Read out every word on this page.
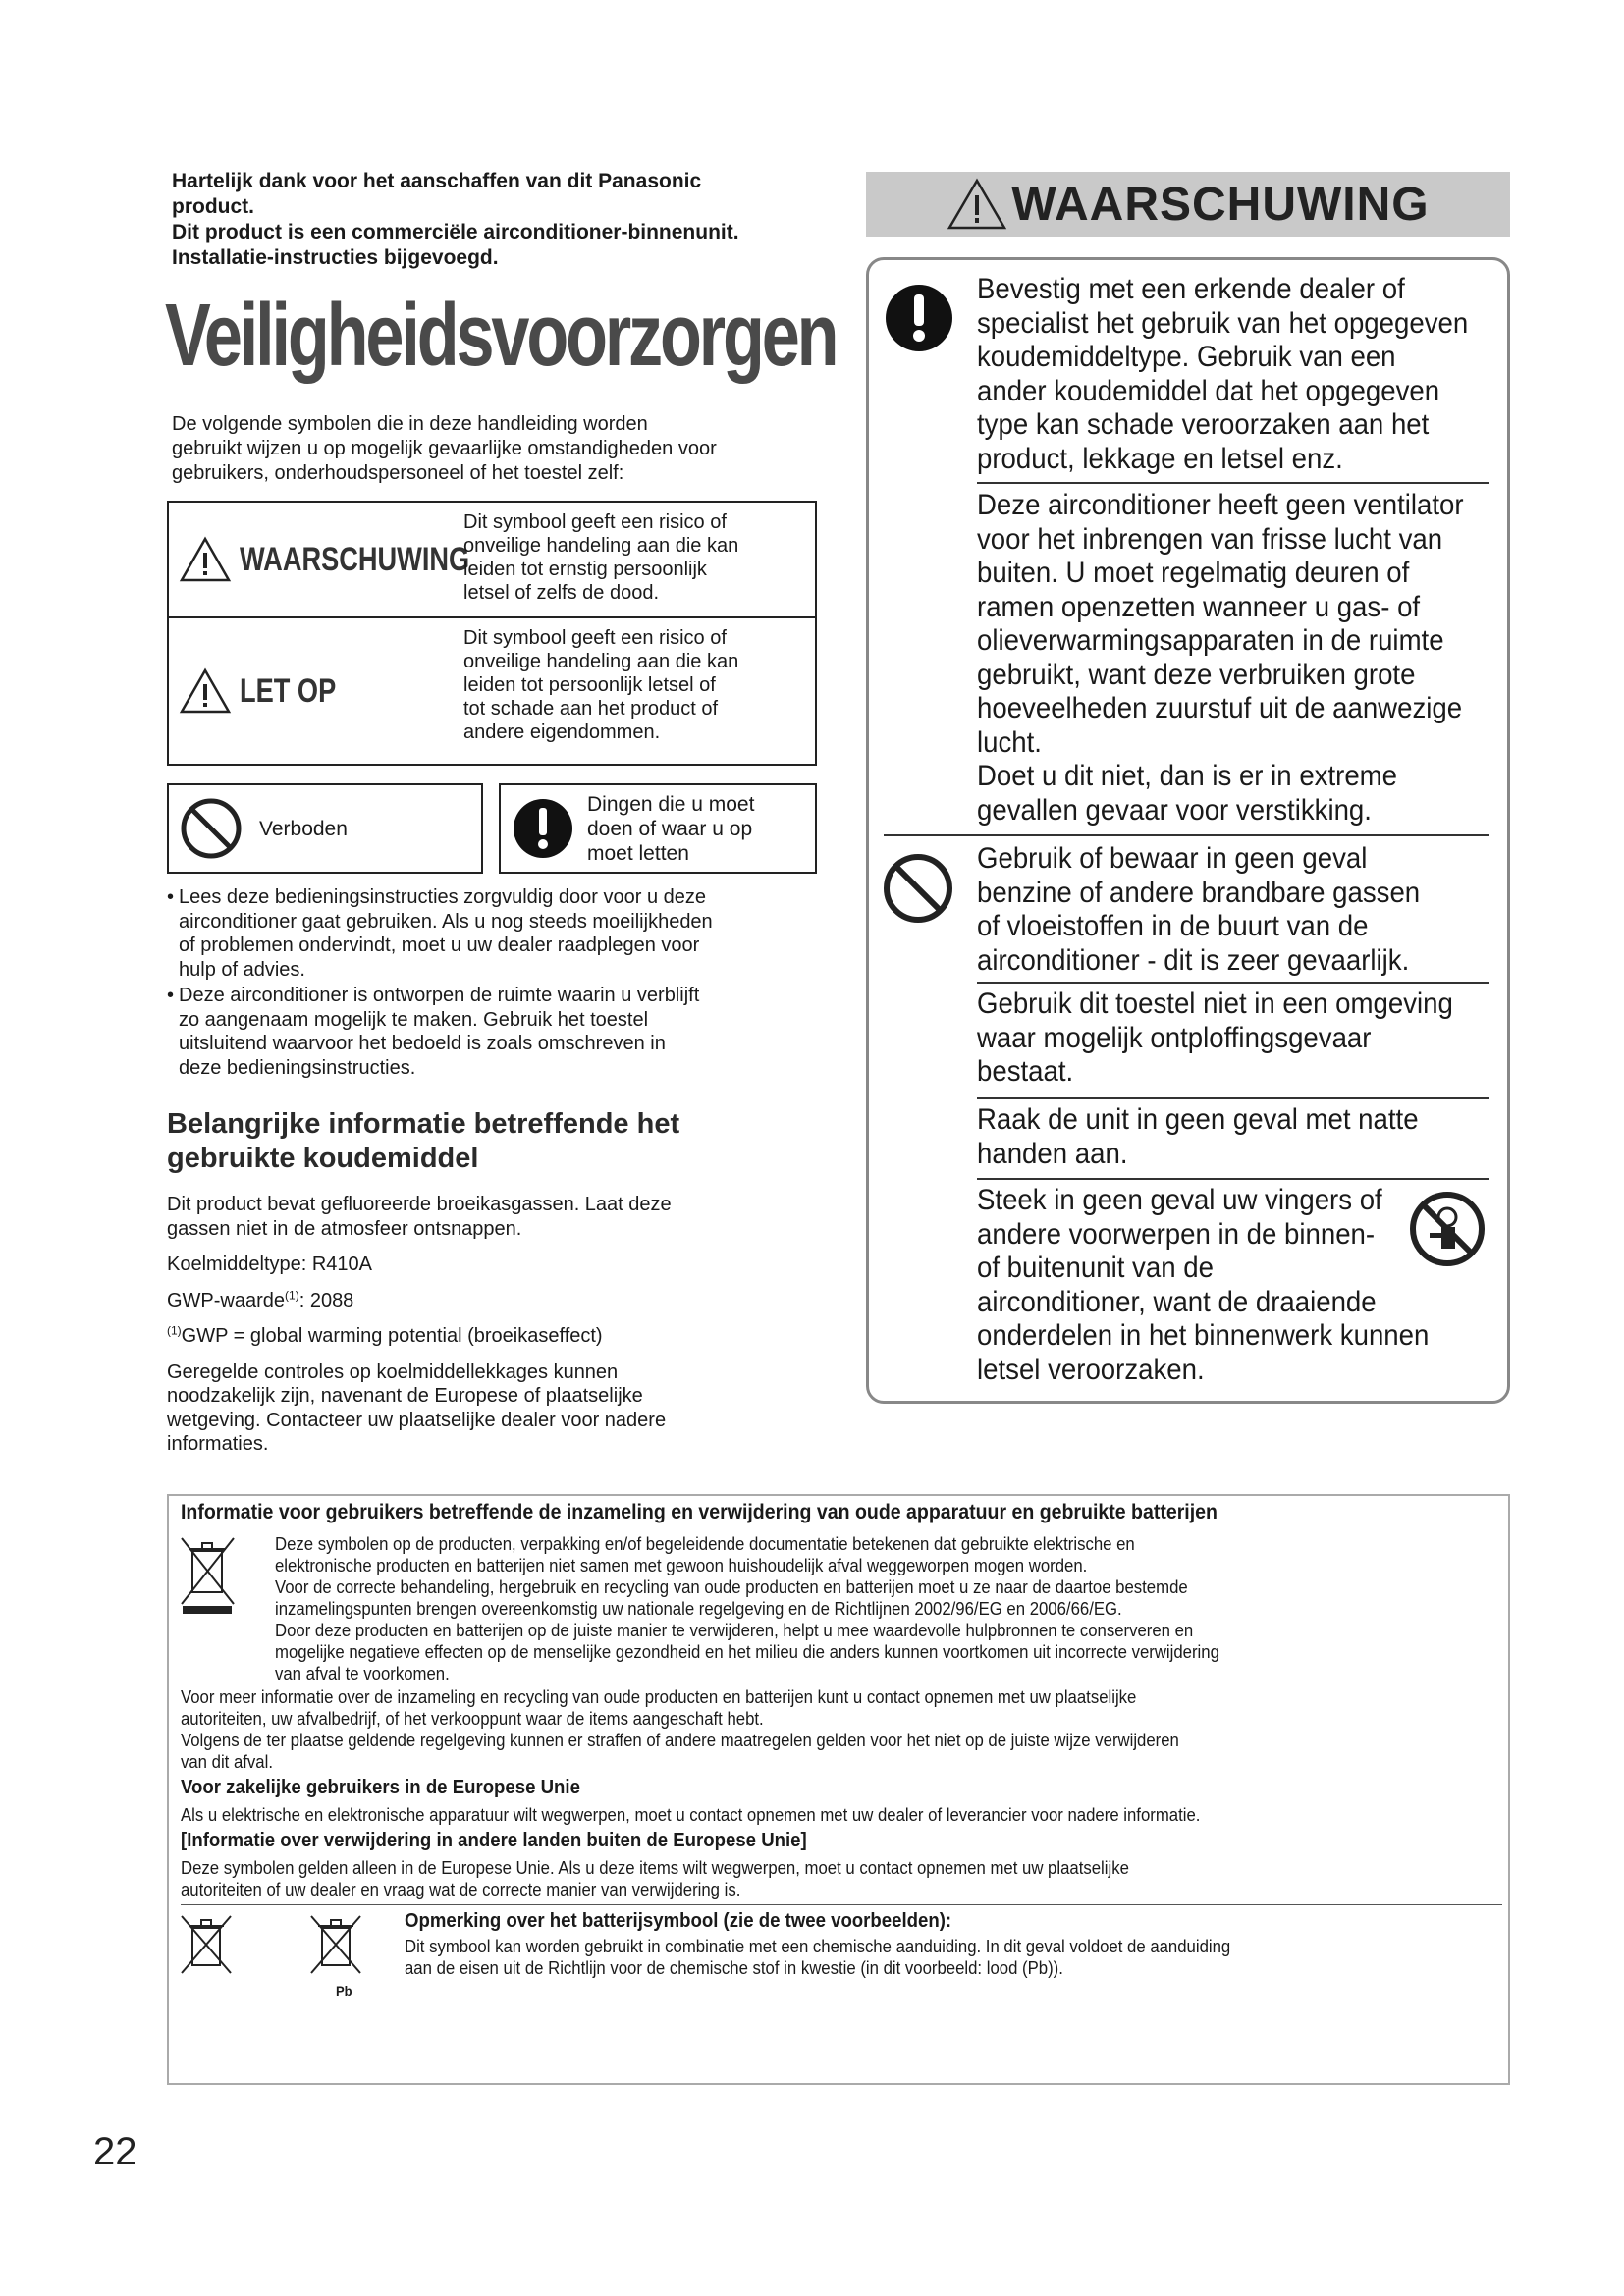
Hartelijk dank voor het aanschaffen van dit Panasonic
product.
Dit product is een commerciële airconditioner-binnenunit.
Installatie-instructies bijgevoegd.
Veiligheidsvoorzorgen
De volgende symbolen die in deze handleiding worden
gebruikt wijzen u op mogelijk gevaarlijke omstandigheden voor
gebruikers, onderhoudspersoneel of het toestel zelf:
WAARSCHUWING
Dit symbool geeft een risico of
onveilige handeling aan die kan
leiden tot ernstig persoonlijk
letsel of zelfs de dood.
LET OP
Dit symbool geeft een risico of
onveilige handeling aan die kan
leiden tot persoonlijk letsel of
tot schade aan het product of
andere eigendommen.
Verboden
Dingen die u moet
doen of waar u op
moet letten
• Lees deze bedieningsinstructies zorgvuldig door voor u deze
airconditioner gaat gebruiken. Als u nog steeds moeilijkheden
of problemen ondervindt, moet u uw dealer raadplegen voor
hulp of advies.
• Deze airconditioner is ontworpen de ruimte waarin u verblijft
zo aangenaam mogelijk te maken. Gebruik het toestel
uitsluitend waarvoor het bedoeld is zoals omschreven in
deze bedieningsinstructies.
Belangrijke informatie betreffende het
gebruikte koudemiddel

Dit product bevat gefluoreerde broeikasgassen. Laat deze
gassen niet in de atmosfeer ontsnappen.

Koelmiddeltype: R410A

GWP-waarde$^{(1)}$: 2088

$^{(1)}$GWP = global warming potential (broeikaseffect)

Geregelde controles op koelmiddellekkages kunnen
noodzakelijk zijn, navenant de Europese of plaatselijke
wetgeving. Contacteer uw plaatselijke dealer voor nadere
informaties.

WAARSCHUWING
Bevestig met een erkende dealer of
specialist het gebruik van het opgegeven
koudemiddeltype. Gebruik van een
ander koudemiddel dat het opgegeven
type kan schade veroorzaken aan het
product, lekkage en letsel enz.
Deze airconditioner heeft geen ventilator
voor het inbrengen van frisse lucht van
buiten. U moet regelmatig deuren of
ramen openzetten wanneer u gas- of
olieverwarmingsapparaten in de ruimte
gebruikt, want deze verbruiken grote
hoeveelheden zuurstuf uit de aanwezige
lucht.
Doet u dit niet, dan is er in extreme
gevallen gevaar voor verstikking.
Gebruik of bewaar in geen geval
benzine of andere brandbare gassen
of vloeistoffen in de buurt van de
airconditioner - dit is zeer gevaarlijk.
Gebruik dit toestel niet in een omgeving
waar mogelijk ontploffingsgevaar
bestaat.
Raak de unit in geen geval met natte
handen aan.
Steek in geen geval uw vingers of
andere voorwerpen in de binnen-
of buitenunit van de
airconditioner, want de draaiende
onderdelen in het binnenwerk kunnen
letsel veroorzaken.
Informatie voor gebruikers betreffende de inzameling en verwijdering van oude apparatuur en gebruikte batterijen
Deze symbolen op de producten, verpakking en/of begeleidende documentatie betekenen dat gebruikte elektrische en
elektronische producten en batterijen niet samen met gewoon huishoudelijk afval weggeworpen mogen worden.
Voor de correcte behandeling, hergebruik en recycling van oude producten en batterijen moet u ze naar de daartoe bestemde
inzamelingspunten brengen overeenkomstig uw nationale regelgeving en de Richtlijnen 2002/96/EG en 2006/66/EG.
Door deze producten en batterijen op de juiste manier te verwijderen, helpt u mee waardevolle hulpbronnen te conserveren en
mogelijke negatieve effecten op de menselijke gezondheid en het milieu die anders kunnen voortkomen uit incorrecte verwijdering
van afval te voorkomen.
Voor meer informatie over de inzameling en recycling van oude producten en batterijen kunt u contact opnemen met uw plaatselijke
autoriteiten, uw afvalbedrijf, of het verkooppunt waar de items aangeschaft hebt.
Volgens de ter plaatse geldende regelgeving kunnen er straffen of andere maatregelen gelden voor het niet op de juiste wijze verwijderen
van dit afval.
Voor zakelijke gebruikers in de Europese Unie
Als u elektrische en elektronische apparatuur wilt wegwerpen, moet u contact opnemen met uw dealer of leverancier voor nadere informatie.
[Informatie over verwijdering in andere landen buiten de Europese Unie]
Deze symbolen gelden alleen in de Europese Unie. Als u deze items wilt wegwerpen, moet u contact opnemen met uw plaatselijke
autoriteiten of uw dealer en vraag wat de correcte manier van verwijdering is.
Pb
Opmerking over het batterijsymbool (zie de twee voorbeelden):
Dit symbool kan worden gebruikt in combinatie met een chemische aanduiding. In dit geval voldoet de aanduiding
aan de eisen uit de Richtlijn voor de chemische stof in kwestie (in dit voorbeeld: lood (Pb)).
22
